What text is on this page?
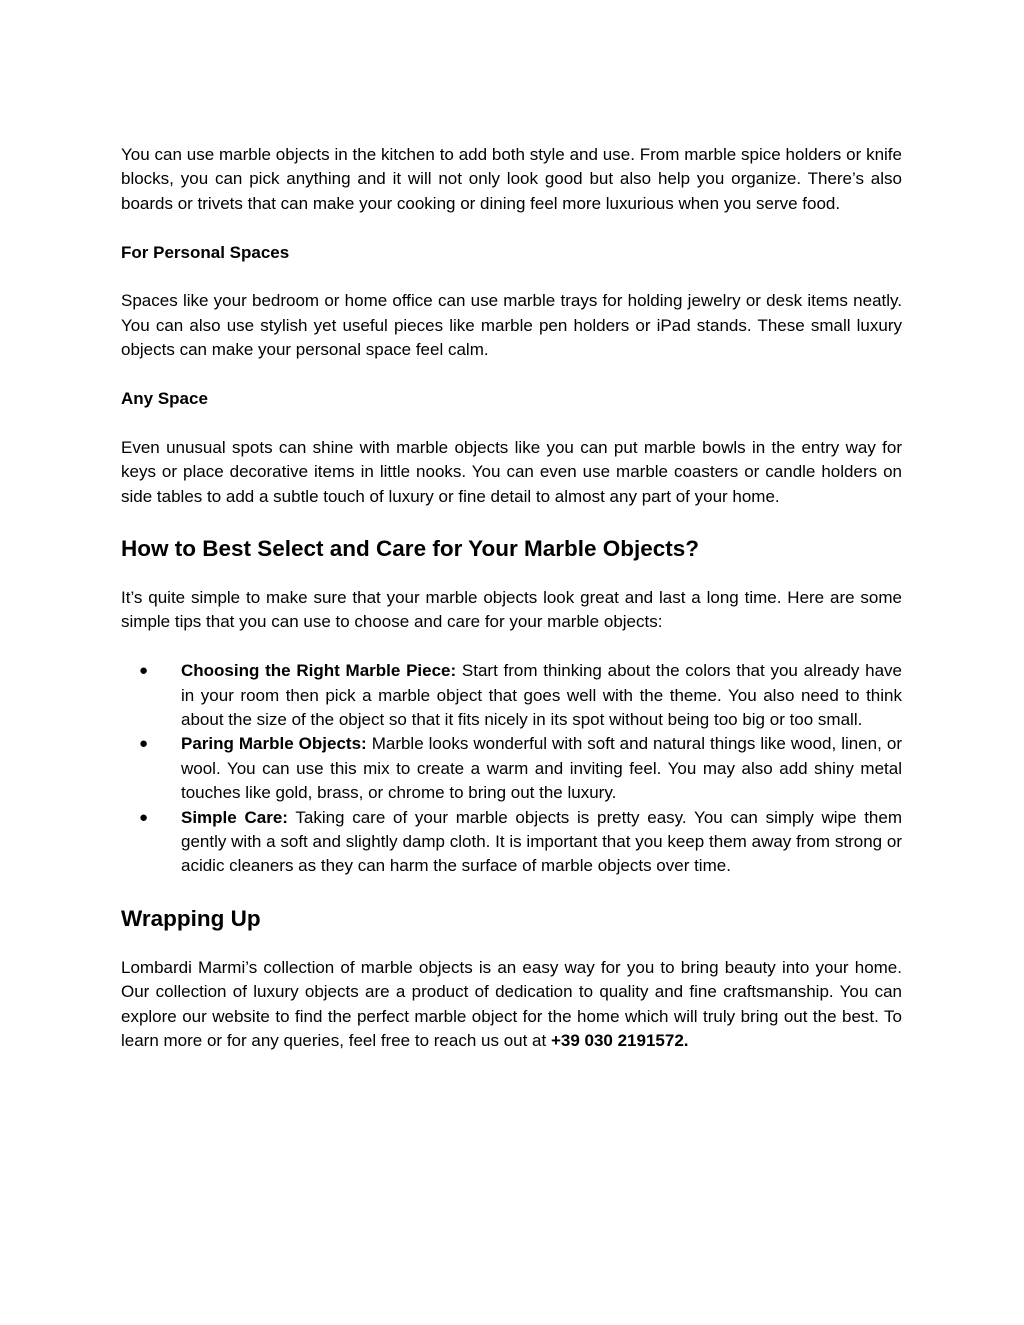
You can use marble objects in the kitchen to add both style and use. From marble spice holders or knife blocks, you can pick anything and it will not only look good but also help you organize. There’s also boards or trivets that can make your cooking or dining feel more luxurious when you serve food.

For Personal Spaces

Spaces like your bedroom or home office can use marble trays for holding jewelry or desk items neatly. You can also use stylish yet useful pieces like marble pen holders or iPad stands. These small luxury objects can make your personal space feel calm.

Any Space

Even unusual spots can shine with marble objects like you can put marble bowls in the entry way for keys or place decorative items in little nooks. You can even use marble coasters or candle holders on side tables to add a subtle touch of luxury or fine detail to almost any part of your home.

How to Best Select and Care for Your Marble Objects?

It’s quite simple to make sure that your marble objects look great and last a long time. Here are some simple tips that you can use to choose and care for your marble objects:

● Choosing the Right Marble Piece: Start from thinking about the colors that you already have in your room then pick a marble object that goes well with the theme. You also need to think about the size of the object so that it fits nicely in its spot without being too big or too small.
● Paring Marble Objects: Marble looks wonderful with soft and natural things like wood, linen, or wool. You can use this mix to create a warm and inviting feel. You may also add shiny metal touches like gold, brass, or chrome to bring out the luxury.
● Simple Care: Taking care of your marble objects is pretty easy. You can simply wipe them gently with a soft and slightly damp cloth. It is important that you keep them away from strong or acidic cleaners as they can harm the surface of marble objects over time.
Wrapping Up

Lombardi Marmi’s collection of marble objects is an easy way for you to bring beauty into your home. Our collection of luxury objects are a product of dedication to quality and fine craftsmanship. You can explore our website to find the perfect marble object for the home which will truly bring out the best. To learn more or for any queries, feel free to reach us out at +39 030 2191572.
